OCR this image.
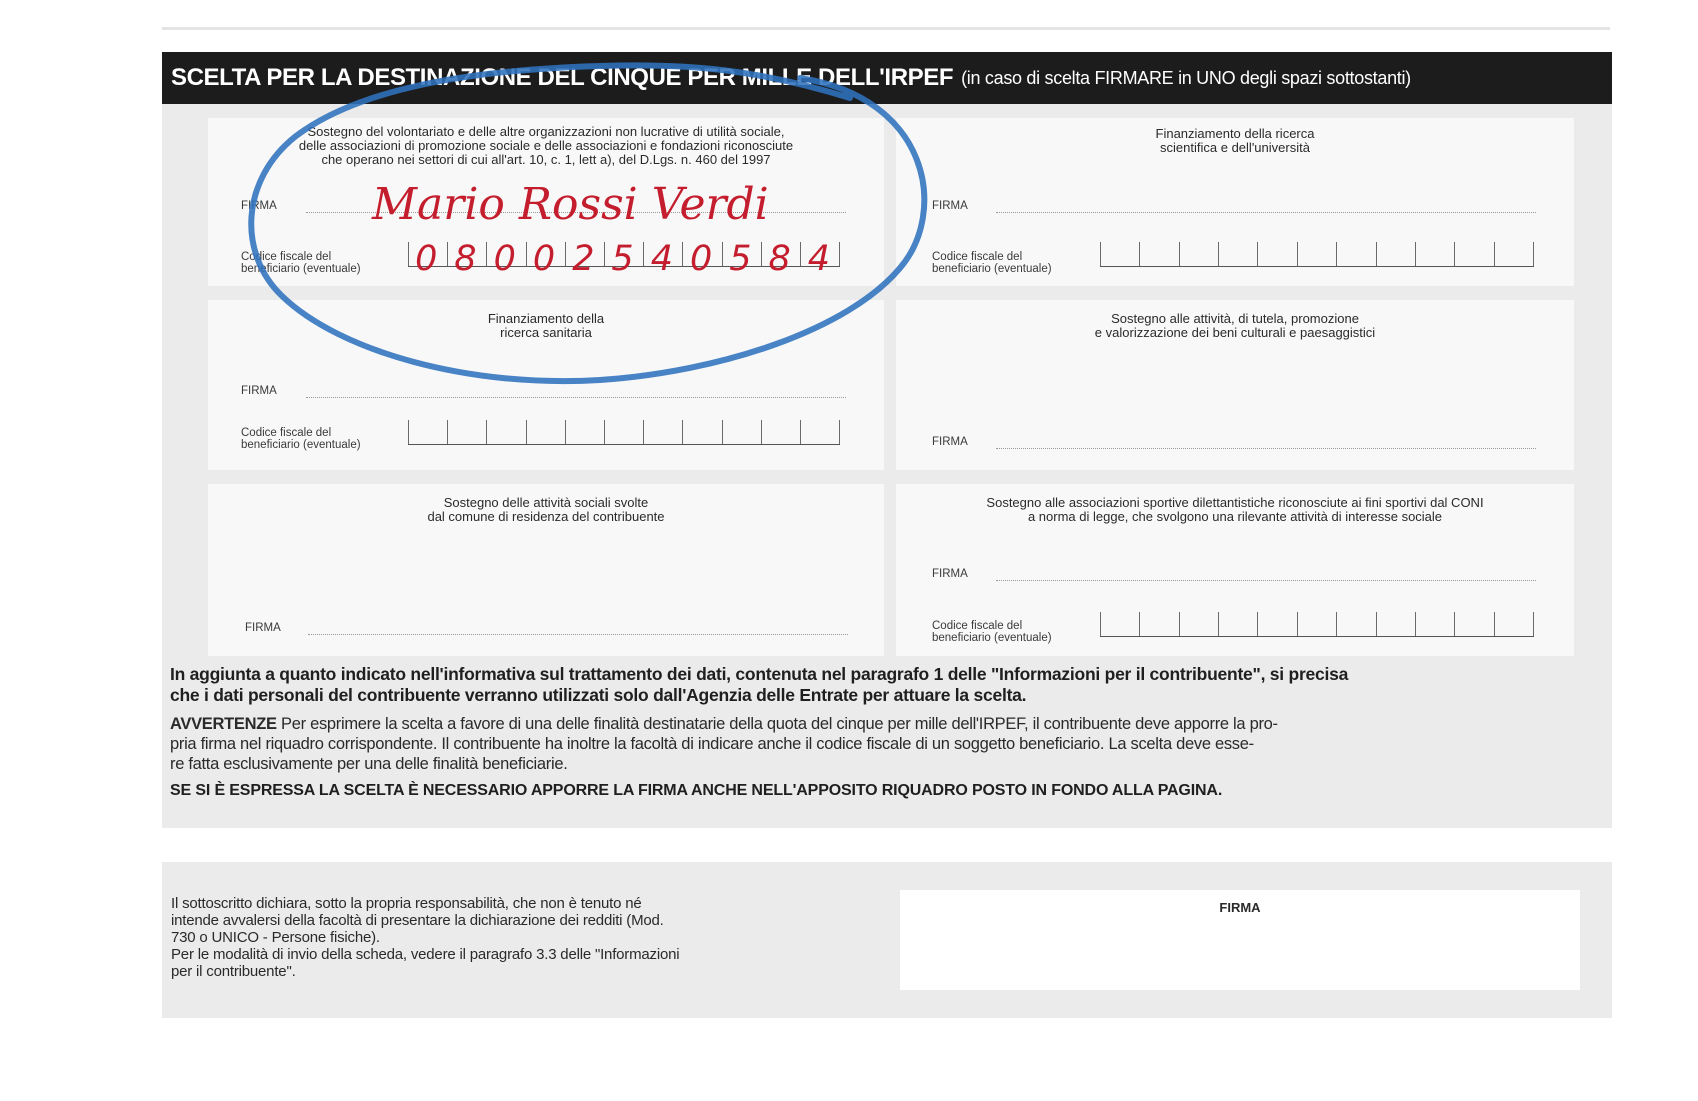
SCELTA PER LA DESTINAZIONE DEL CINQUE PER MILLE DELL'IRPEF (in caso di scelta FIRMARE in UNO degli spazi sottostanti)
Sostegno del volontariato e delle altre organizzazioni non lucrative di utilità sociale,
delle associazioni di promozione sociale e delle associazioni e fondazioni riconosciute
che operano nei settori di cui all'art. 10, c. 1, lett a), del D.Lgs. n. 460 del 1997
FIRMA
Codice fiscale del
beneficiario (eventuale)
Finanziamento della ricerca
scientifica e dell'università
FIRMA
Codice fiscale del
beneficiario (eventuale)
Finanziamento della
ricerca sanitaria
FIRMA
Codice fiscale del
beneficiario (eventuale)
Sostegno alle attività, di tutela, promozione
e valorizzazione dei beni culturali e paesaggistici
FIRMA
Sostegno delle attività sociali svolte
dal comune di residenza del contribuente
FIRMA
Sostegno alle associazioni sportive dilettantistiche riconosciute ai fini sportivi dal CONI
a norma di legge, che svolgono una rilevante attività di interesse sociale
FIRMA
Codice fiscale del
beneficiario (eventuale)
In aggiunta a quanto indicato nell'informativa sul trattamento dei dati, contenuta nel paragrafo 1 delle "Informazioni per il contribuente", si precisa
che i dati personali del contribuente verranno utilizzati solo dall'Agenzia delle Entrate per attuare la scelta.
AVVERTENZE Per esprimere la scelta a favore di una delle finalità destinatarie della quota del cinque per mille dell'IRPEF, il contribuente deve apporre la pro-
pria firma nel riquadro corrispondente. Il contribuente ha inoltre la facoltà di indicare anche il codice fiscale di un soggetto beneficiario. La scelta deve esse-
re fatta esclusivamente per una delle finalità beneficiarie.
SE SI È ESPRESSA LA SCELTA È NECESSARIO APPORRE LA FIRMA ANCHE NELL'APPOSITO RIQUADRO POSTO IN FONDO ALLA PAGINA.

Il sottoscritto dichiara, sotto la propria responsabilità, che non è tenuto né

intende avvalersi della facoltà di presentare la dichiarazione dei redditi (Mod.

730 o UNICO - Persone fisiche).

Per le modalità di invio della scheda, vedere il paragrafo 3.3 delle "Informazioni

per il contribuente".

FIRMA
Mario Rossi Verdi
0 8 0 0 2 5 4 0 5 8 4
